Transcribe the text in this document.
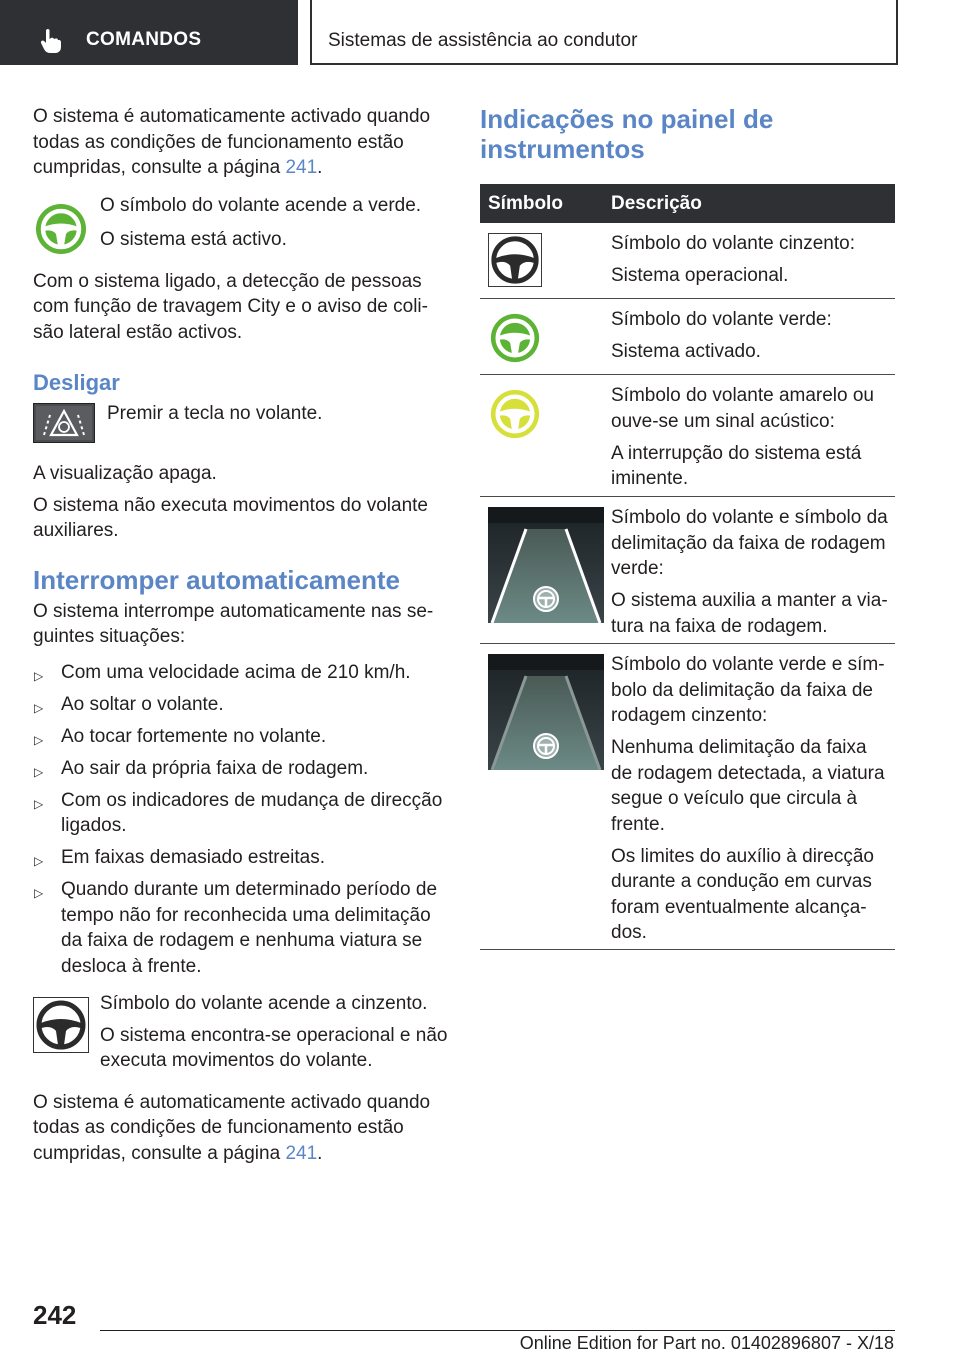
COMANDOS	Sistemas de assistência ao condutor

O sistema é automaticamente activado quando todas as condições de funcionamento estão cumpridas, consulte a página 241.

O símbolo do volante acende a verde.

O sistema está activo.

Com o sistema ligado, a detecção de pessoas
com função de travagem City e o aviso de coli-
são lateral estão activos.

Desligar

Premir a tecla no volante.

A visualização apaga.

O sistema não executa movimentos do volante auxiliares.

Interromper automaticamente

O sistema interrompe automaticamente nas se-guintes situações:

▷ Com uma velocidade acima de 210 km/h.
▷ Ao soltar o volante.
▷ Ao tocar fortemente no volante.
▷ Ao sair da própria faixa de rodagem.
▷ Com os indicadores de mudança de direcção ligados.
▷ Em faixas demasiado estreitas.
▷ Quando durante um determinado período de tempo não for reconhecida uma delimitação da faixa de rodagem e nenhuma viatura se desloca à frente.

Símbolo do volante acende a cinzento.

O sistema encontra-se operacional e não executa movimentos do volante.

O sistema é automaticamente activado quando todas as condições de funcionamento estão cumpridas, consulte a página 241.

Indicações no painel de instrumentos
Símbolo	Descrição

Símbolo do volante cinzento:

Sistema operacional.

Símbolo do volante verde:

Sistema activado.

Símbolo do volante amarelo ou
ouve-se um sinal acústico:

A interrupção do sistema está
iminente.

Símbolo do volante e símbolo da
delimitação da faixa de rodagem
verde:

O sistema auxilia a manter a via-
tura na faixa de rodagem.

Símbolo do volante verde e sím-
bolo da delimitação da faixa de
rodagem cinzento:

Nenhuma delimitação da faixa
de rodagem detectada, a viatura
segue o veículo que circula à
frente.

Os limites do auxílio à direcção
durante a condução em curvas
foram eventualmente alcança-
dos.

242
Online Edition for Part no. 01402896807 - X/18
